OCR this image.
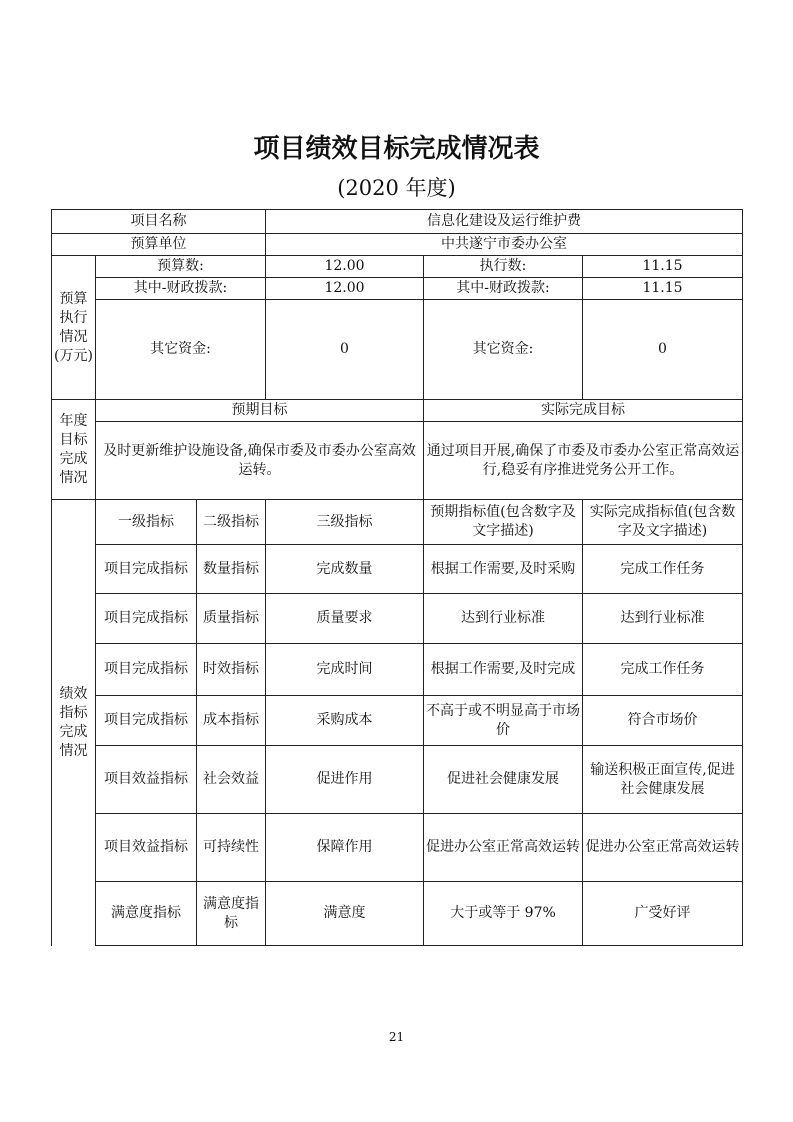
项目绩效目标完成情况表
(2020 年度)
项目名称			信息化建设及运行维护费		
预算单位			中共遂宁市委办公室		
预算执行情况(万元)	预算数:		12.00	执行数:	11.15
	其中-财政拨款:		12.00	其中-财政拨款:	11.15
	其它资金:		0	其它资金:	0
年度目标完成情况	预期目标			实际完成目标	
	及时更新维护设施设备,确保市委及市委办公室高效运转。			通过项目开展,确保了市委及市委办公室正常高效运行,稳妥有序推进党务公开工作。	
绩效指标完成情况	一级指标	二级指标	三级指标	预期指标值(包含数字及文字描述)	实际完成指标值(包含数字及文字描述)
	项目完成指标	数量指标	完成数量	根据工作需要,及时采购	完成工作任务
	项目完成指标	质量指标	质量要求	达到行业标准	达到行业标准
	项目完成指标	时效指标	完成时间	根据工作需要,及时完成	完成工作任务
	项目完成指标	成本指标	采购成本	不高于或不明显高于市场价	符合市场价
	项目效益指标	社会效益	促进作用	促进社会健康发展	输送积极正面宣传,促进社会健康发展
	项目效益指标	可持续性	保障作用	促进办公室正常高效运转	促进办公室正常高效运转
	满意度指标	满意度指标	满意度	大于或等于 97%	广受好评
21
